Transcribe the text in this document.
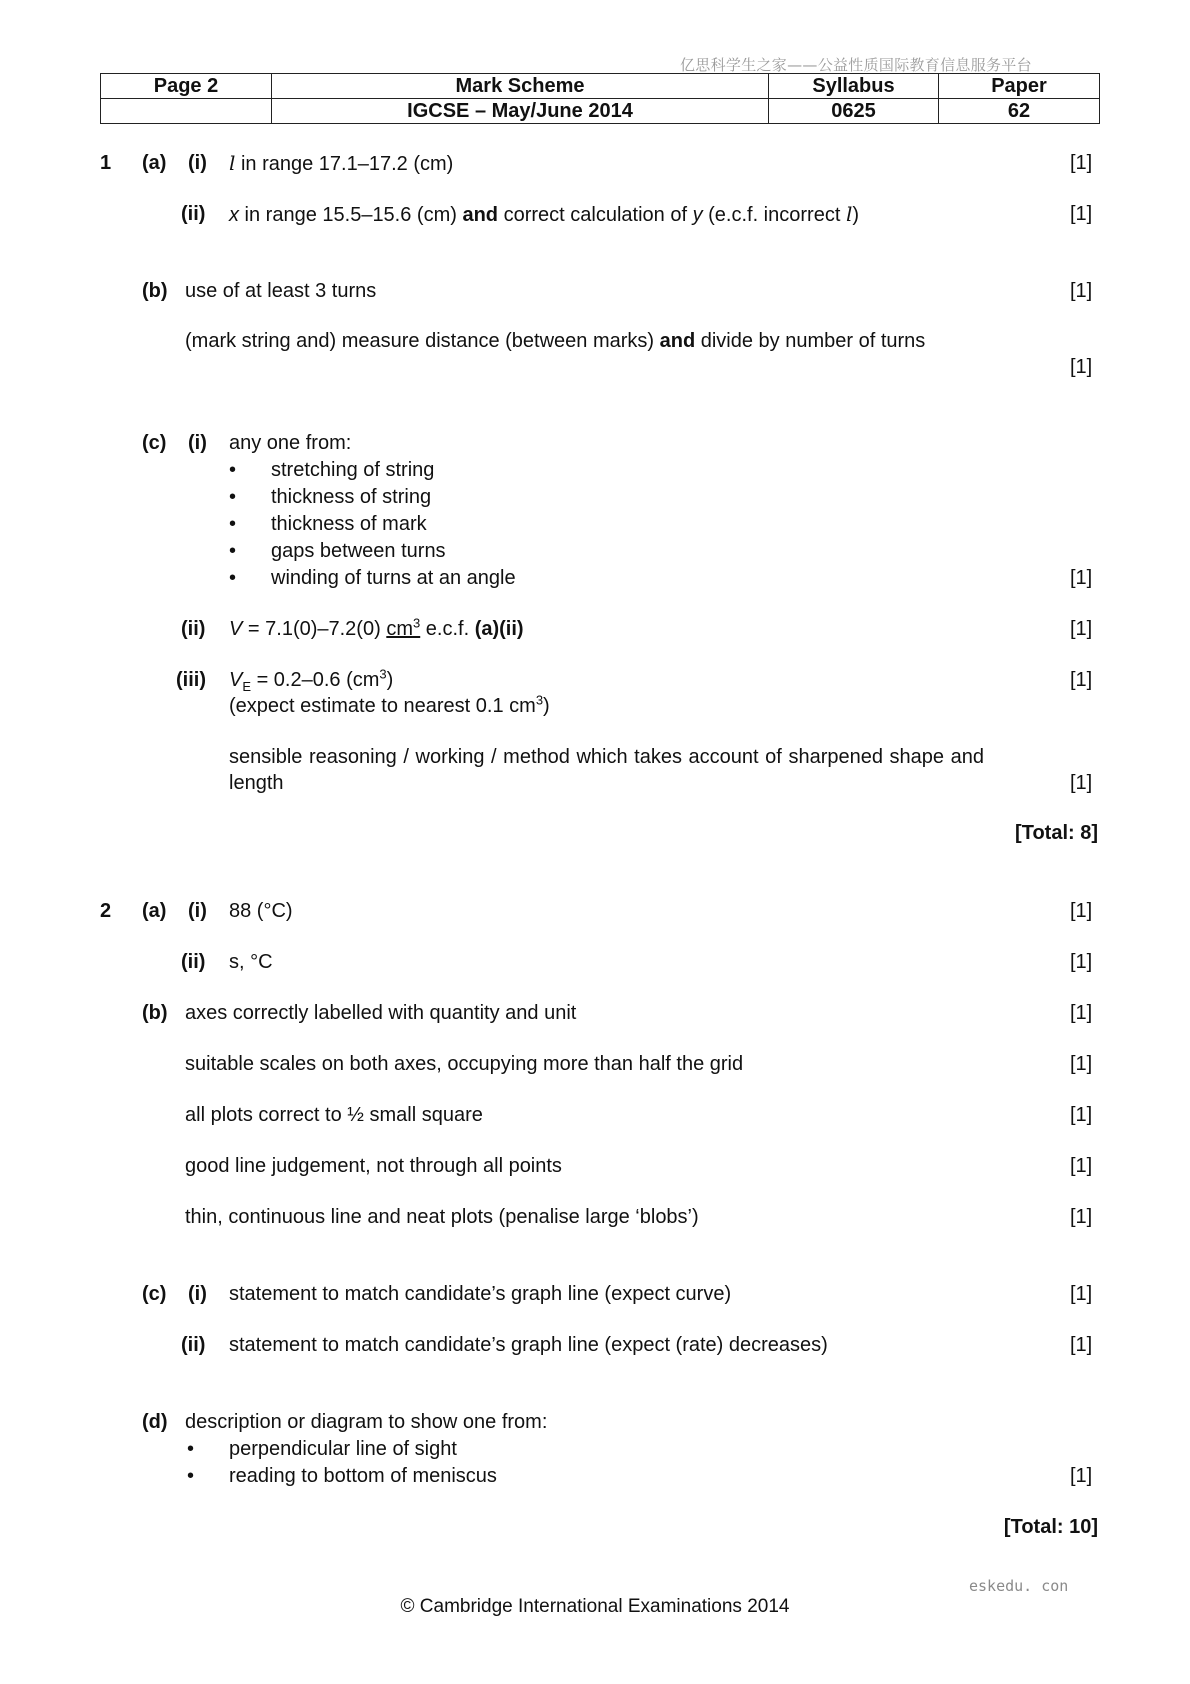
亿思科学生之家——公益性质国际教育信息服务平台
Page 2	Mark Scheme	Syllabus	Paper
	IGCSE – May/June 2014	0625	62
1 (a) (i) l in range 17.1–17.2 (cm)	[1]
(ii) x in range 15.5–15.6 (cm) and correct calculation of y (e.c.f. incorrect l)	[1]
(b) use of at least 3 turns	[1]
(mark string and) measure distance (between marks) and divide by number of turns
[1]
(c) (i) any one from:
• stretching of string
• thickness of string
• thickness of mark
• gaps between turns
• winding of turns at an angle	[1]
(ii) V = 7.1(0)–7.2(0) $cm^3$ e.c.f. (a)(ii)	[1]
(iii) $V_E = 0.2-0.6$ $(cm^3)$	[1]
(expect estimate to nearest 0.1 $cm^3$)
sensible reasoning / working / method which takes account of sharpened shape and length	[1]
[Total: 8]
2 (a) (i) 88 (°C)	[1]
(ii) s, °C	[1]
(b) axes correctly labelled with quantity and unit	[1]
suitable scales on both axes, occupying more than half the grid	[1]
all plots correct to ½ small square	[1]
good line judgement, not through all points	[1]
thin, continuous line and neat plots (penalise large ‘blobs’)	[1]
(c) (i) statement to match candidate’s graph line (expect curve)	[1]
(ii) statement to match candidate’s graph line (expect (rate) decreases)	[1]
(d) description or diagram to show one from:
• perpendicular line of sight
• reading to bottom of meniscus	[1]
[Total: 10]
eskedu. con
© Cambridge International Examinations 2014
